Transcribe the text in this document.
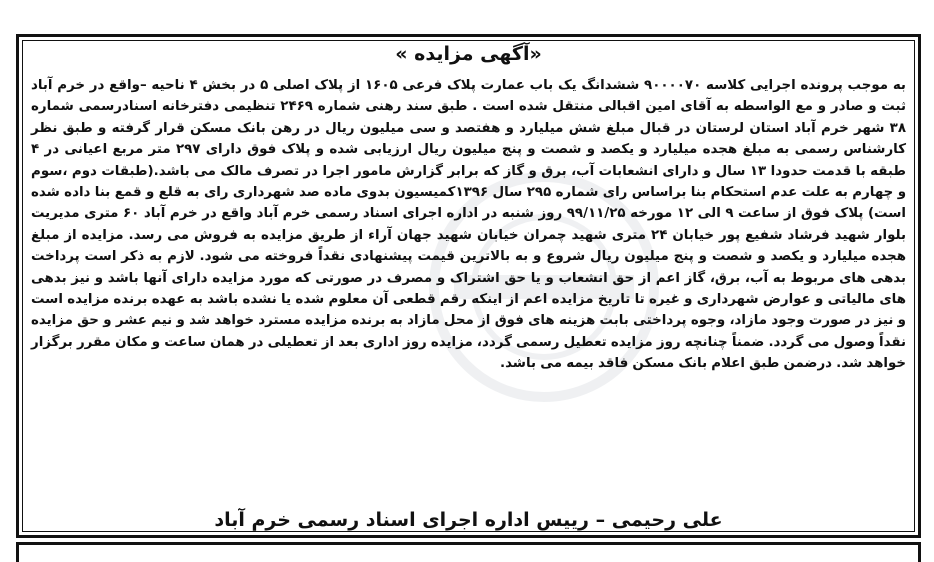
«آگهی مزایده »
به موجب پرونده اجرایی کلاسه ۹۰۰۰۰۷۰ ششدانگ یک باب عمارت پلاک فرعی ۱۶۰۵ از پلاک اصلی ۵ در بخش ۴ ناحیه –واقع در خرم آباد ثبت و صادر و مع الواسطه به آقای امین اقبالی منتقل شده است . طبق سند رهنی شماره ۲۴۶۹ تنظیمی دفترخانه اسنادرسمی شماره ۳۸ شهر خرم آباد استان لرستان در قبال مبلغ شش میلیارد و هفتصد و سی میلیون ریال در رهن بانک مسکن قرار گرفته و طبق نظر کارشناس رسمی به مبلغ هجده میلیارد و یکصد و شصت و پنج میلیون ریال ارزیابی شده و پلاک فوق دارای ۲۹۷ متر مربع اعیانی در ۴ طبقه با قدمت حدودا ۱۳ سال و دارای انشعابات آب، برق و گاز که برابر گزارش مامور اجرا در تصرف مالک می باشد.(طبقات دوم ،سوم و چهارم به علت عدم استحکام بنا براساس رای شماره ۲۹۵ سال ۱۳۹۶کمیسیون بدوی ماده صد شهرداری رای به قلع و قمع بنا داده شده است) پلاک فوق از ساعت ۹ الی ۱۲ مورخه ۹۹/۱۱/۲۵ روز شنبه در اداره اجرای اسناد رسمی خرم آباد واقع در خرم آباد ۶۰ متری مدیریت بلوار شهید فرشاد شفیع پور خیابان ۲۴ متری شهید چمران خیابان شهید جهان آراء از طریق مزایده به فروش می رسد. مزایده از مبلغ هجده میلیارد و یکصد و شصت و پنج میلیون ریال شروع و به بالاترین قیمت پیشنهادی نقداً فروخته می شود. لازم به ذکر است پرداخت بدهی های مربوط به آب، برق، گاز اعم از حق انشعاب و یا حق اشتراک و مصرف در صورتی که مورد مزایده دارای آنها باشد و نیز بدهی های مالیاتی و عوارض شهرداری و غیره تا تاریخ مزایده اعم از اینکه رقم قطعی آن معلوم شده یا نشده باشد به عهده برنده مزایده است و نیز در صورت وجود مازاد، وجوه پرداختی بابت هزینه های فوق از محل مازاد به برنده مزایده مسترد خواهد شد و نیم عشر و حق مزایده نقداً وصول می گردد. ضمناً چنانچه روز مزایده تعطیل رسمی گردد، مزایده روز اداری بعد از تعطیلی در همان ساعت و مکان مقرر برگزار خواهد شد. درضمن طبق اعلام بانک مسکن فاقد بیمه می باشد.
علی رحیمی – رییس اداره اجرای اسناد رسمی خرم آباد
